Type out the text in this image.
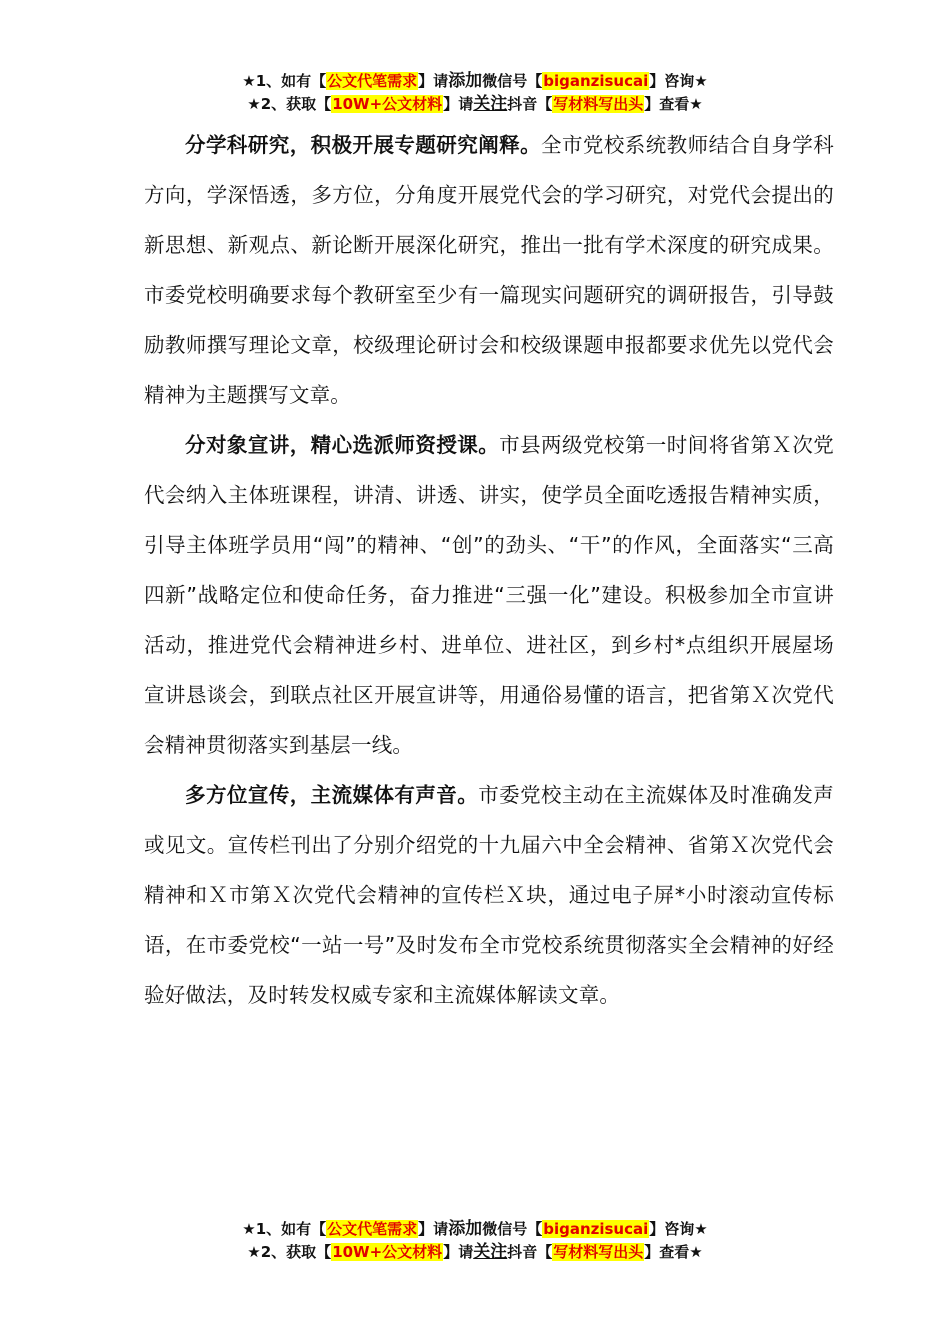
★1、如有【公文代笔需求】请添加微信号【biganzisucai】咨询★
★2、获取【10W+公文材料】请关注抖音【写材料写出头】查看★

分学科研究，积极开展专题研究阐释。全市党校系统教师结合自身学科方向，学深悟透，多方位，分角度开展党代会的学习研究，对党代会提出的新思想、新观点、新论断开展深化研究，推出一批有学术深度的研究成果。市委党校明确要求每个教研室至少有一篇现实问题研究的调研报告，引导鼓励教师撰写理论文章，校级理论研讨会和校级课题申报都要求优先以党代会精神为主题撰写文章。

分对象宣讲，精心选派师资授课。市县两级党校第一时间将省第Ｘ次党代会纳入主体班课程，讲清、讲透、讲实，使学员全面吃透报告精神实质，引导主体班学员用“闯”的精神、“创”的劲头、“干”的作风，全面落实“三高四新”战略定位和使命任务，奋力推进“三强一化”建设。积极参加全市宣讲活动，推进党代会精神进乡村、进单位、进社区，到乡村*点组织开展屋场宣讲恳谈会，到联点社区开展宣讲等，用通俗易懂的语言，把省第Ｘ次党代会精神贯彻落实到基层一线。

多方位宣传，主流媒体有声音。市委党校主动在主流媒体及时准确发声或见文。宣传栏刊出了分别介绍党的十九届六中全会精神、省第Ｘ次党代会精神和Ｘ市第Ｘ次党代会精神的宣传栏Ｘ块，通过电子屏*小时滚动宣传标语，在市委党校“一站一号”及时发布全市党校系统贯彻落实全会精神的好经验好做法，及时转发权威专家和主流媒体解读文章。

★1、如有【公文代笔需求】请添加微信号【biganzisucai】咨询★
★2、获取【10W+公文材料】请关注抖音【写材料写出头】查看★
